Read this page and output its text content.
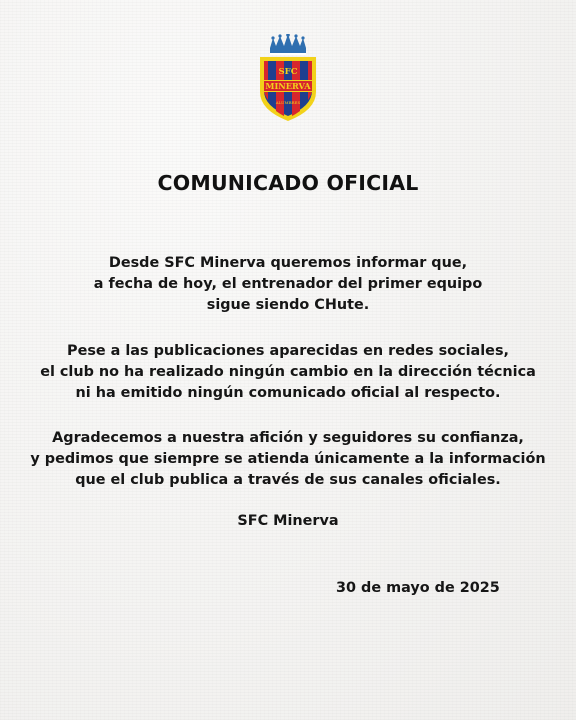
SFC
MINERVA
ALUMBRES
COMUNICADO OFICIAL
Desde SFC Minerva queremos informar que,
a fecha de hoy, el entrenador del primer equipo
sigue siendo CHute.
Pese a las publicaciones aparecidas en redes sociales,
el club no ha realizado ningún cambio en la dirección técnica
ni ha emitido ningún comunicado oficial al respecto.
Agradecemos a nuestra afición y seguidores su confianza,
y pedimos que siempre se atienda únicamente a la información
que el club publica a través de sus canales oficiales.
SFC Minerva
30 de mayo de 2025
